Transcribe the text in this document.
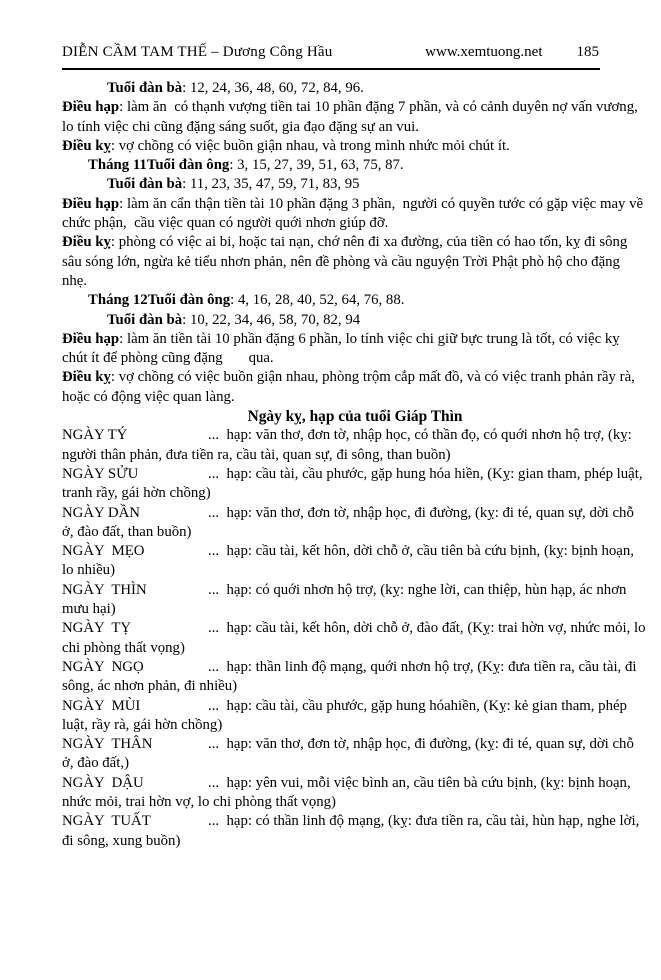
DIỄN CẦM TAM THẾ – Dương Công Hầu	www.xemtuong.net 185

Tuổi đàn bà: 12, 24, 36, 48, 60, 72, 84, 96.

Điều hạp: làm ăn  có thạnh vượng tiền tai 10 phần đặng 7 phần, và có cảnh duyên nợ vấn vương, lo tính việc chi cũng đặng sáng suốt, gia đạo đặng sự an vui.

Điều kỵ: vợ chồng có việc buồn giận nhau, và trong mình nhức mỏi chút ít.

Tháng 11Tuổi đàn ông: 3, 15, 27, 39, 51, 63, 75, 87.

Tuổi đàn bà: 11, 23, 35, 47, 59, 71, 83, 95

Điều hạp: làm ăn cẩn thận tiền tài 10 phần đặng 3 phần,  người có quyền tước có gặp việc may về chức phận,  cầu việc quan có người quới nhơn giúp đỡ.

Điều kỵ: phòng có việc ai bi, hoặc tai nạn, chớ nên đi xa đường, của tiền có hao tốn, kỵ đi sông sâu sóng lớn, ngừa kẻ tiểu nhơn phản, nên đề phòng và cầu nguyện Trời Phật phò hộ cho đặng nhẹ.

Tháng 12Tuổi đàn ông: 4, 16, 28, 40, 52, 64, 76, 88.

Tuổi đàn bà: 10, 22, 34, 46, 58, 70, 82, 94

Điều hạp: làm ăn tiền tài 10 phần đặng 6 phần, lo tính việc chi giữ bực trung là tốt, có việc kỵ chút ít để phòng cũng đặng       qua.

Điều kỵ: vợ chồng có việc buồn giận nhau, phòng trộm cắp mất đồ, và có việc tranh phản rầy rà, hoặc có động việc quan làng.

Ngày kỵ, hạp của tuổi Giáp Thìn

NGÀY TÝ	...  hạp: văn thơ, đơn tờ, nhập học, có thần đọ, có quới nhơn hộ trợ, (kỵ: người thân phản, đưa tiền ra, cầu tài, quan sự, đi sông, than buồn)

NGÀY SỬU	...  hạp: cầu tài, cầu phước, gặp hung hóa hiền, (Kỵ: gian tham, phép luật,  tranh rầy, gái hờn chồng)

NGÀY DẦN	...  hạp: văn thơ, đơn tờ, nhập học, đi đường, (kỵ: đi té, quan sự, dời chỗ ở, đào đất, than buồn)

NGÀY  MẸO	...  hạp: cầu tài, kết hôn, dời chỗ ở, cầu tiên bà cứu bịnh, (kỵ: bịnh hoạn, lo nhiều)

NGÀY  THÌN	...  hạp: có quới nhơn hộ trợ, (kỵ: nghe lời, can thiệp, hùn hạp, ác nhơn mưu hại)

NGÀY  TỴ	...  hạp: cầu tài, kết hôn, dời chỗ ở, đào đất, (Kỵ: trai hờn vợ, nhức mỏi, lo chi phòng thất vọng)

NGÀY  NGỌ	...  hạp: thần linh độ mạng, quới nhơn hộ trợ, (Kỵ: đưa tiền ra, cầu tài, đi sông, ác nhơn phản, đi nhiều)

NGÀY  MÙI	...  hạp: cầu tài, cầu phước, gặp hung hóahiền, (Kỵ: kẻ gian tham, phép luật, rầy rà, gái hờn chồng)

NGÀY  THÂN	...  hạp: văn thơ, đơn tờ, nhập học, đi đường, (kỵ: đi té, quan sự, dời chỗ ở, đào đất,)

NGÀY  DẬU	...  hạp: yên vui, mỗi việc bình an, cầu tiên bà cứu bịnh, (kỵ: bịnh hoạn, nhức mỏi, trai hờn vợ, lo chi phòng thất vọng)

NGÀY  TUẤT	...  hạp: có thần linh độ mạng, (kỵ: đưa tiền ra, cầu tài, hùn hạp, nghe lời, đi sông, xung buồn)
